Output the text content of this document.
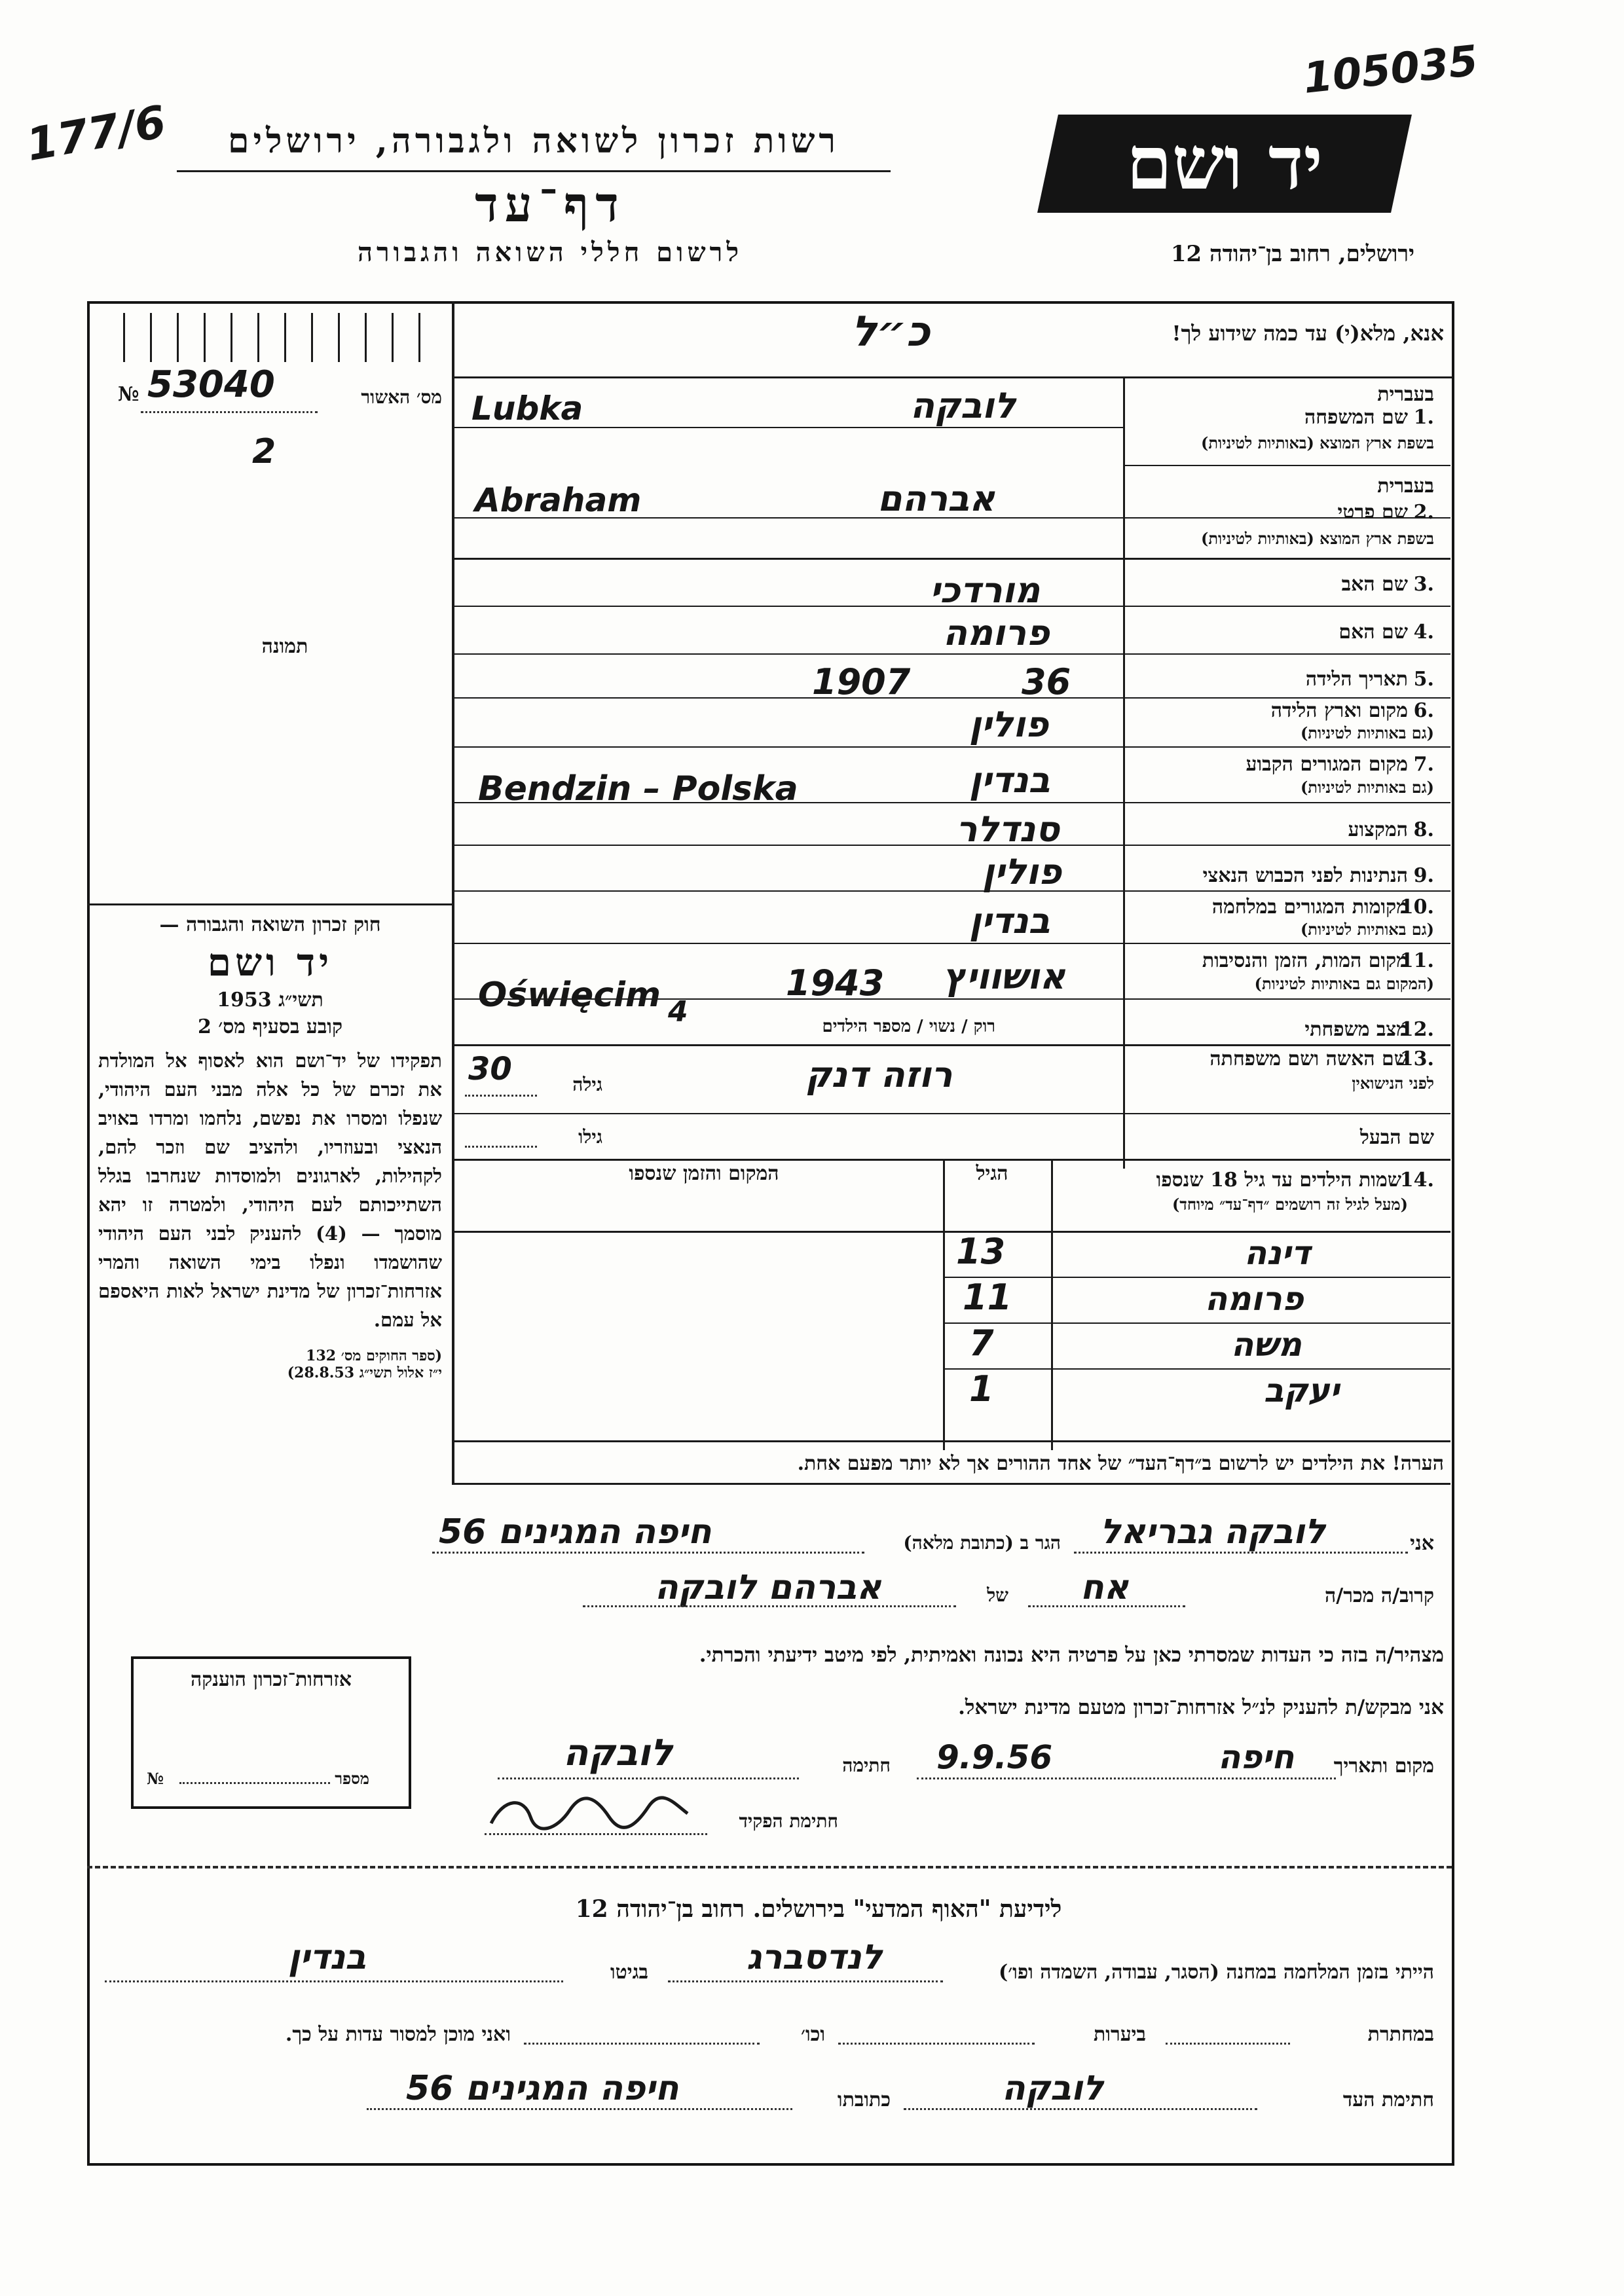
177/6
105035
רשות זכרון לשואה ולגבורה, ירושלים
דף־עד
לרשום חללי השואה והגבורה
יד ושם
ירושלים, רחוב בן־יהודה 12
אנא, מלא(י) עד כמה שידוע לך!
כ״ל
№ 53040	מס׳ האשור
2
תמונה
בעברית
1.
שם המשפחה
בשפת ארץ המוצא (באותיות לטיניות)
לובקה
Lubka
בעברית
2.
שם פרטי
בשפת ארץ המוצא (באותיות לטיניות)
אברהם
Abraham
3.
שם האב
מורדכי
4.
שם האם
פרומה
5.
תאריך הלידה
36
1907
6.
מקום וארץ הלידה
(גם באותיות לטיניות)
פולין
7.
מקום המגורים הקבוע
(גם באותיות לטיניות)
בנדין
Bendzin – Polska
8.
המקצוע
סנדלר
9.
הנתינות לפני הכבוש הנאצי
פולין
10.
מקומות המגורים במלחמה
(גם באותיות לטיניות)
בנדין
11.
מקום המות, הזמן והנסיבות
(המקום גם באותיות לטיניות)
אושוויץ
1943
Oświęcim
12.
מצב משפחתי
רוק / נשוי / מספר הילדים
4
13.
שם האשה ושם משפחתה
לפני הנישואין
רוזה דנק
גילה
30
שם הבעל
גילו
14.
שמות הילדים עד גיל 18 שנספו
(מעל לגיל זה רושמים ״דף־עד״ מיוחד)
הגיל
המקום והזמן שנספו
דינה
13
פרומה
11
משה
7
יעקב
1
הערה! את הילדים יש לרשום ב״דף־העד״ של אחד ההורים אך לא יותר מפעם אחת.

חוק זכרון השואה והגבורה —

יד ושם

תשי״ג 1953

קובע בסעיף מס׳ 2

תפקידו של יד־ושם הוא לאסוף אל המולדת את זכרם של כל אלה מבני העם היהודי, שנפלו ומסרו את נפשם, נלחמו ומרדו באויב הנאצי ובעוזריו, ולהציב שם וזכר להם, לקהילות, לארגונים ולמוסדות שנחרבו בגלל השתייכותם לעם היהודי, ולמטרה זו יהא מוסמך — (4) להעניק לבני העם היהודי שהושמדו ונפלו בימי השואה והמרי אזרחות־זכרון של מדינת ישראל לאות היאספם אל עמם.

(ספר החוקים מס׳ 132

י״ז אלול תשי״ג 28.8.53)

אזרחות־זכרון הוענקה
מספר
№
אני
לובקה גבריאל
הגר ב (כתובת מלאה)
חיפה המגינים 56
קרוב/ה מכר/ה
אח
של
אברהם לובקה
מצהיר/ה בזה כי העדות שמסרתי כאן על פרטיה היא נכונה ואמיתית, לפי מיטב ידיעתי והכרתי.
אני מבקש/ת להעניק לנ״ל אזרחות־זכרון מטעם מדינת ישראל.
מקום ותאריך
חיפה
9.9.56
חתימה
לובקה
חתימת הפקיד
לידיעת "האוף המדעי" בירושלים. רחוב בן־יהודה 12
הייתי בזמן המלחמה במחנה (הסגר, עבודה, השמדה ופו׳)
לנדסברג
בגיטו
בנדין
במחתרת
ביערות
וכו׳
ואני מוכן למסור עדות על כך.
חתימת העד
לובקה
כתובתו
חיפה המגינים 56
